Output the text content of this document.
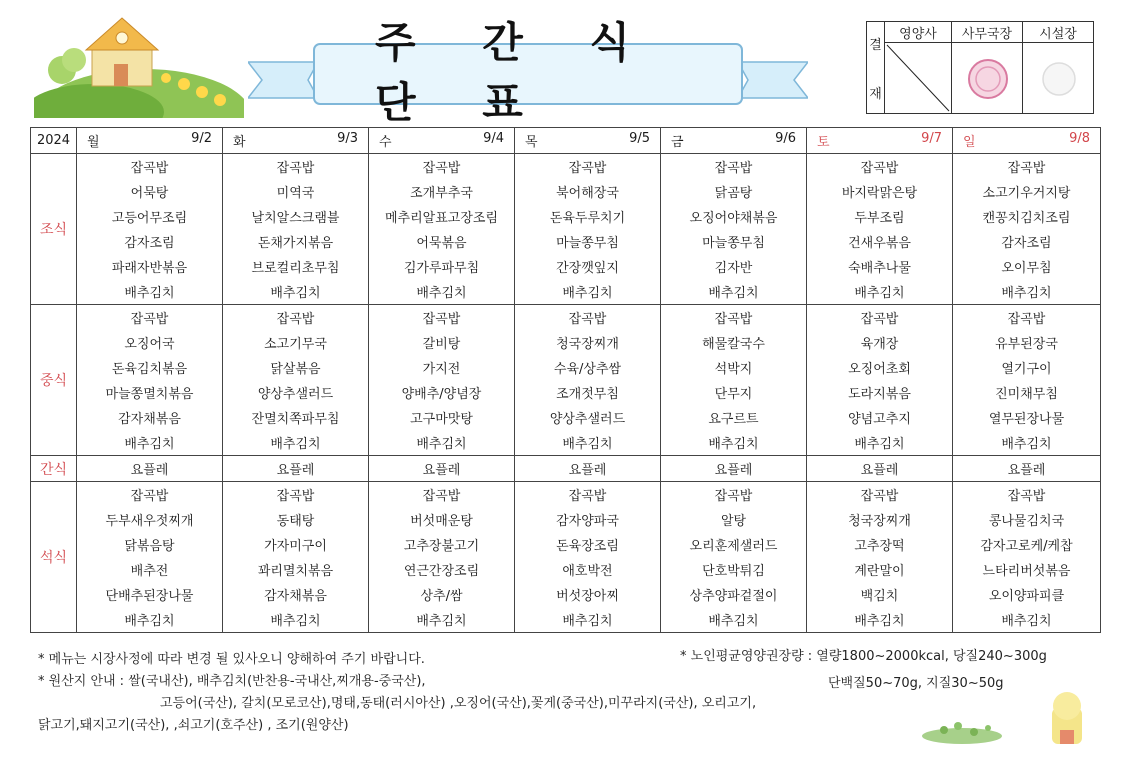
주 간 식 단 표
결
재	영양사	사무국장	시설장

2024	월 9/2	화 9/3	수 9/4	목 9/5	금 9/6	토 9/7	일 9/8

조식	잡곡밥	잡곡밥	잡곡밥	잡곡밥	잡곡밥	잡곡밥	잡곡밥
	어묵탕	미역국	조개부추국	북어해장국	닭곰탕	바지락맑은탕	소고기우거지탕
	고등어무조림	날치알스크램블	메추리알표고장조림	돈육두루치기	오징어야채볶음	두부조림	캔꽁치김치조림
	감자조림	돈채가지볶음	어묵볶음	마늘쫑무침	마늘쫑무침	건새우볶음	감자조림
	파래자반볶음	브로컬리초무침	김가루파무침	간장깻잎지	김자반	숙배추나물	오이무침
	배추김치	배추김치	배추김치	배추김치	배추김치	배추김치	배추김치
중식	잡곡밥	잡곡밥	잡곡밥	잡곡밥	잡곡밥	잡곡밥	잡곡밥
	오징어국	소고기무국	갈비탕	청국장찌개	해물칼국수	육개장	유부된장국
	돈육김치볶음	닭살볶음	가지전	수육/상추쌈	석박지	오징어초회	열기구이
	마늘쫑멸치볶음	양상추샐러드	양배추/양념장	조개젓무침	단무지	도라지볶음	진미채무침
	감자채볶음	잔멸치쪽파무침	고구마맛탕	양상추샐러드	요구르트	양념고추지	열무된장나물
	배추김치	배추김치	배추김치	배추김치	배추김치	배추김치	배추김치
간식	요플레	요플레	요플레	요플레	요플레	요플레	요플레
석식	잡곡밥	잡곡밥	잡곡밥	잡곡밥	잡곡밥	잡곡밥	잡곡밥
	두부새우젓찌개	동태탕	버섯매운탕	감자양파국	알탕	청국장찌개	콩나물김치국
	닭볶음탕	가자미구이	고추장불고기	돈육장조림	오리훈제샐러드	고추장떡	감자고로케/케찹
	배추전	꽈리멸치볶음	연근간장조림	애호박전	단호박튀김	계란말이	느타리버섯볶음
	단배추된장나물	감자채볶음	상추/쌈	버섯장아찌	상추양파겉절이	백김치	오이양파피클
	배추김치	배추김치	배추김치	배추김치	배추김치	배추김치	배추김치
* 메뉴는 시장사정에 따라 변경 될 있사오니 양해하여 주기 바랍니다.
* 원산지 안내 : 쌀(국내산), 배추김치(반찬용-국내산,찌개용-중국산),
고등어(국산), 갈치(모로코산),명태,동태(러시아산) ,오징어(국산),꽃게(중국산),미꾸라지(국산), 오리고기,
닭고기,돼지고기(국산), ,쇠고기(호주산) , 조기(원양산)
* 노인평균영양권장량 : 열량1800~2000kcal, 당질240~300g
단백질50~70g, 지질30~50g
